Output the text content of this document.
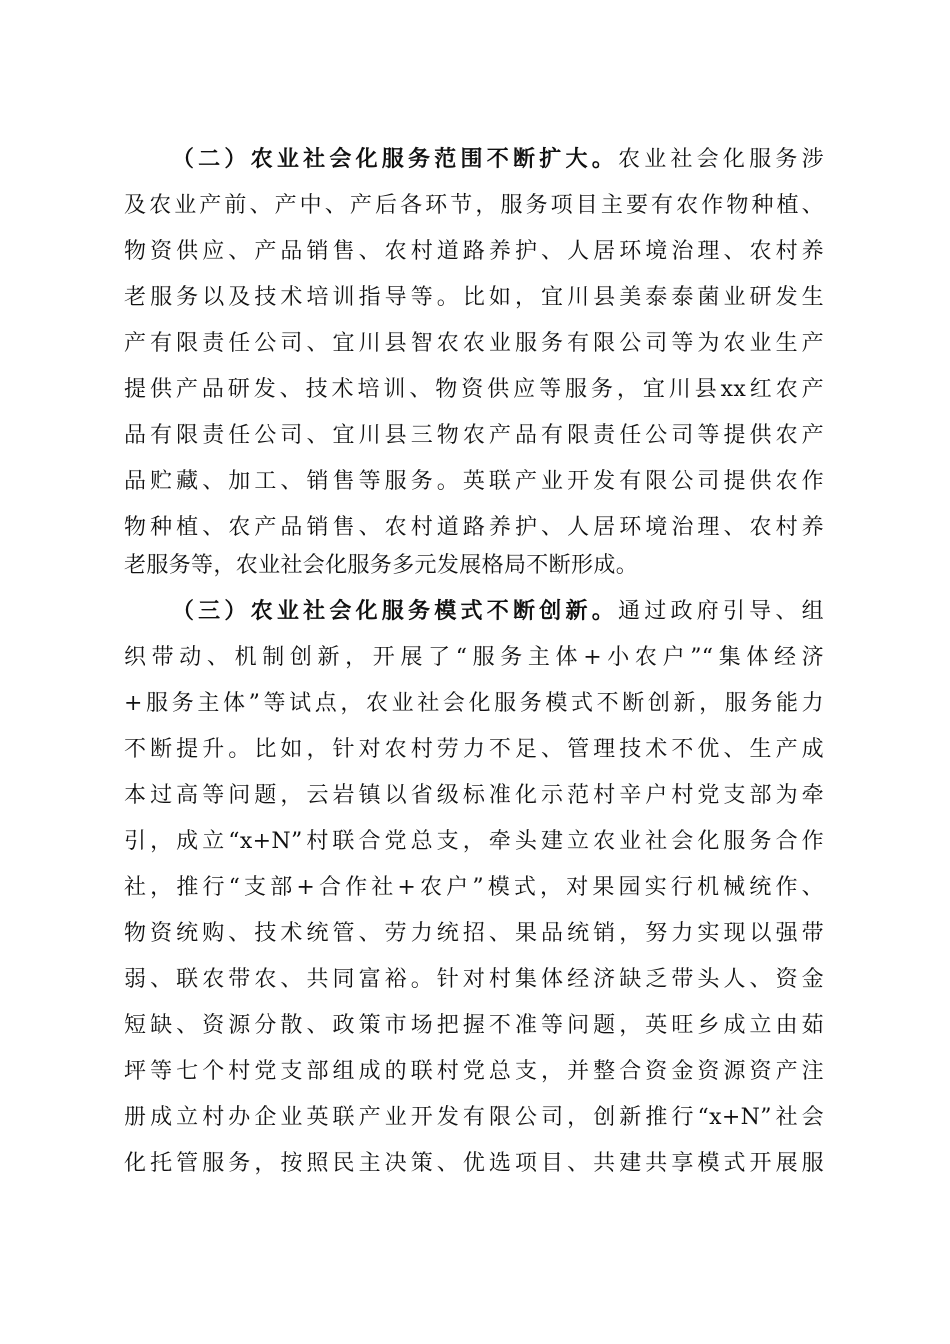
（二）农业社会化服务范围不断扩大。农业社会化服务涉
及农业产前、产中、产后各环节，服务项目主要有农作物种植、
物资供应、产品销售、农村道路养护、人居环境治理、农村养
老服务以及技术培训指导等。比如，宜川县美泰泰菌业研发生
产有限责任公司、宜川县智农农业服务有限公司等为农业生产
提供产品研发、技术培训、物资供应等服务，宜川县xx红农产
品有限责任公司、宜川县三物农产品有限责任公司等提供农产
品贮藏、加工、销售等服务。英联产业开发有限公司提供农作
物种植、农产品销售、农村道路养护、人居环境治理、农村养
老服务等，农业社会化服务多元发展格局不断形成。
（三）农业社会化服务模式不断创新。通过政府引导、组
织带动、机制创新，开展了“服务主体+小农户”“集体经济
+服务主体”等试点，农业社会化服务模式不断创新，服务能力
不断提升。比如，针对农村劳力不足、管理技术不优、生产成
本过高等问题，云岩镇以省级标准化示范村辛户村党支部为牵
引，成立“x+N”村联合党总支，牵头建立农业社会化服务合作
社，推行“支部+合作社+农户”模式，对果园实行机械统作、
物资统购、技术统管、劳力统招、果品统销，努力实现以强带
弱、联农带农、共同富裕。针对村集体经济缺乏带头人、资金
短缺、资源分散、政策市场把握不准等问题，英旺乡成立由茹
坪等七个村党支部组成的联村党总支，并整合资金资源资产注
册成立村办企业英联产业开发有限公司，创新推行“x+N”社会
化托管服务，按照民主决策、优选项目、共建共享模式开展服
